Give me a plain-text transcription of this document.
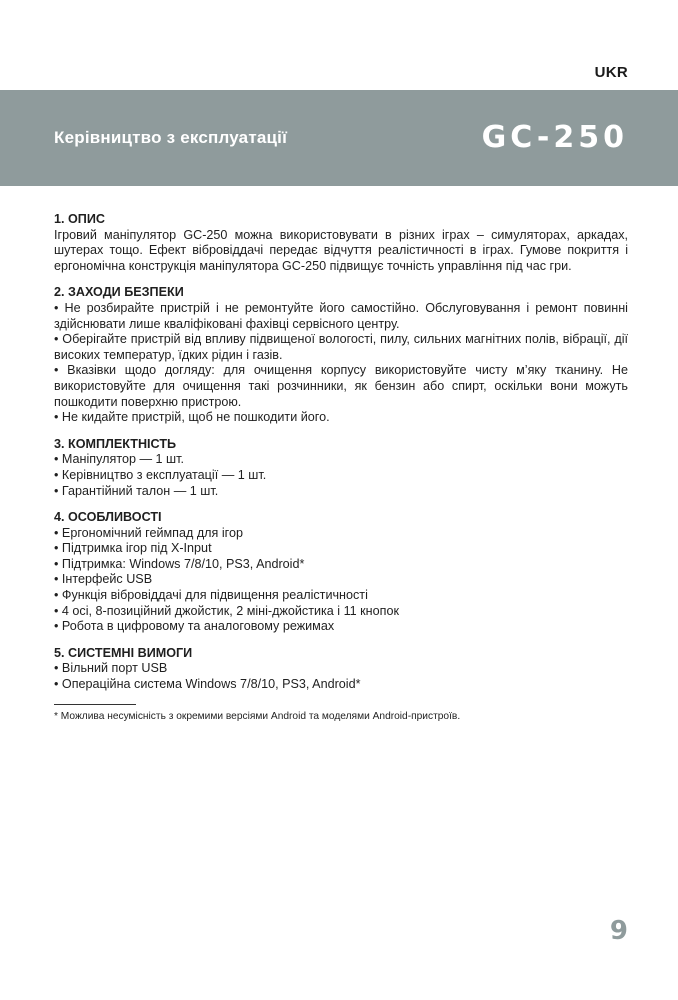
UKR
Керівництво з експлуатації	GC-250
1. ОПИС

Ігровий маніпулятор GC-250 можна використовувати в різних іграх – симуляторах, аркадах, шутерах тощо. Ефект вібровіддачі передає відчуття реалістичності в іграх. Гумове покриття і ергономічна конструкція маніпулятора GC-250 підвищує точність управління під час гри.

2. ЗАХОДИ БЕЗПЕКИ
• Не розбирайте пристрій і не ремонтуйте його самостійно. Обслуговування і ремонт повинні здійснювати лише кваліфіковані фахівці сервісного центру.
• Оберігайте пристрій від впливу підвищеної вологості, пилу, сильних магнітних полів, вібрації, дії високих температур, їдких рідин і газів.
• Вказівки щодо догляду: для очищення корпусу використовуйте чисту м’яку тканину. Не використовуйте для очищення такі розчинники, як бензин або спирт, оскільки вони можуть пошкодити поверхню пристрою.
• Не кидайте пристрій, щоб не пошкодити його.
3. КОМПЛЕКТНІСТЬ
• Маніпулятор — 1 шт.
• Керівництво з експлуатації — 1 шт.
• Гарантійний талон — 1 шт.
4. ОСОБЛИВОСТІ
• Ергономічний геймпад для ігор
• Підтримка ігор під X-Input
• Підтримка: Windows 7/8/10, PS3, Android*
• Інтерфейс USB
• Функція вібровіддачі для підвищення реалістичності
• 4 осі, 8-позиційний джойстик, 2 міні-джойстика і 11 кнопок
• Робота в цифровому та аналоговому режимах
5. СИСТЕМНІ ВИМОГИ
• Вільний порт USB
• Операційна система Windows 7/8/10, PS3, Android*
* Можлива несумісність з окремими версіями Android та моделями Android-пристроїв.
9
